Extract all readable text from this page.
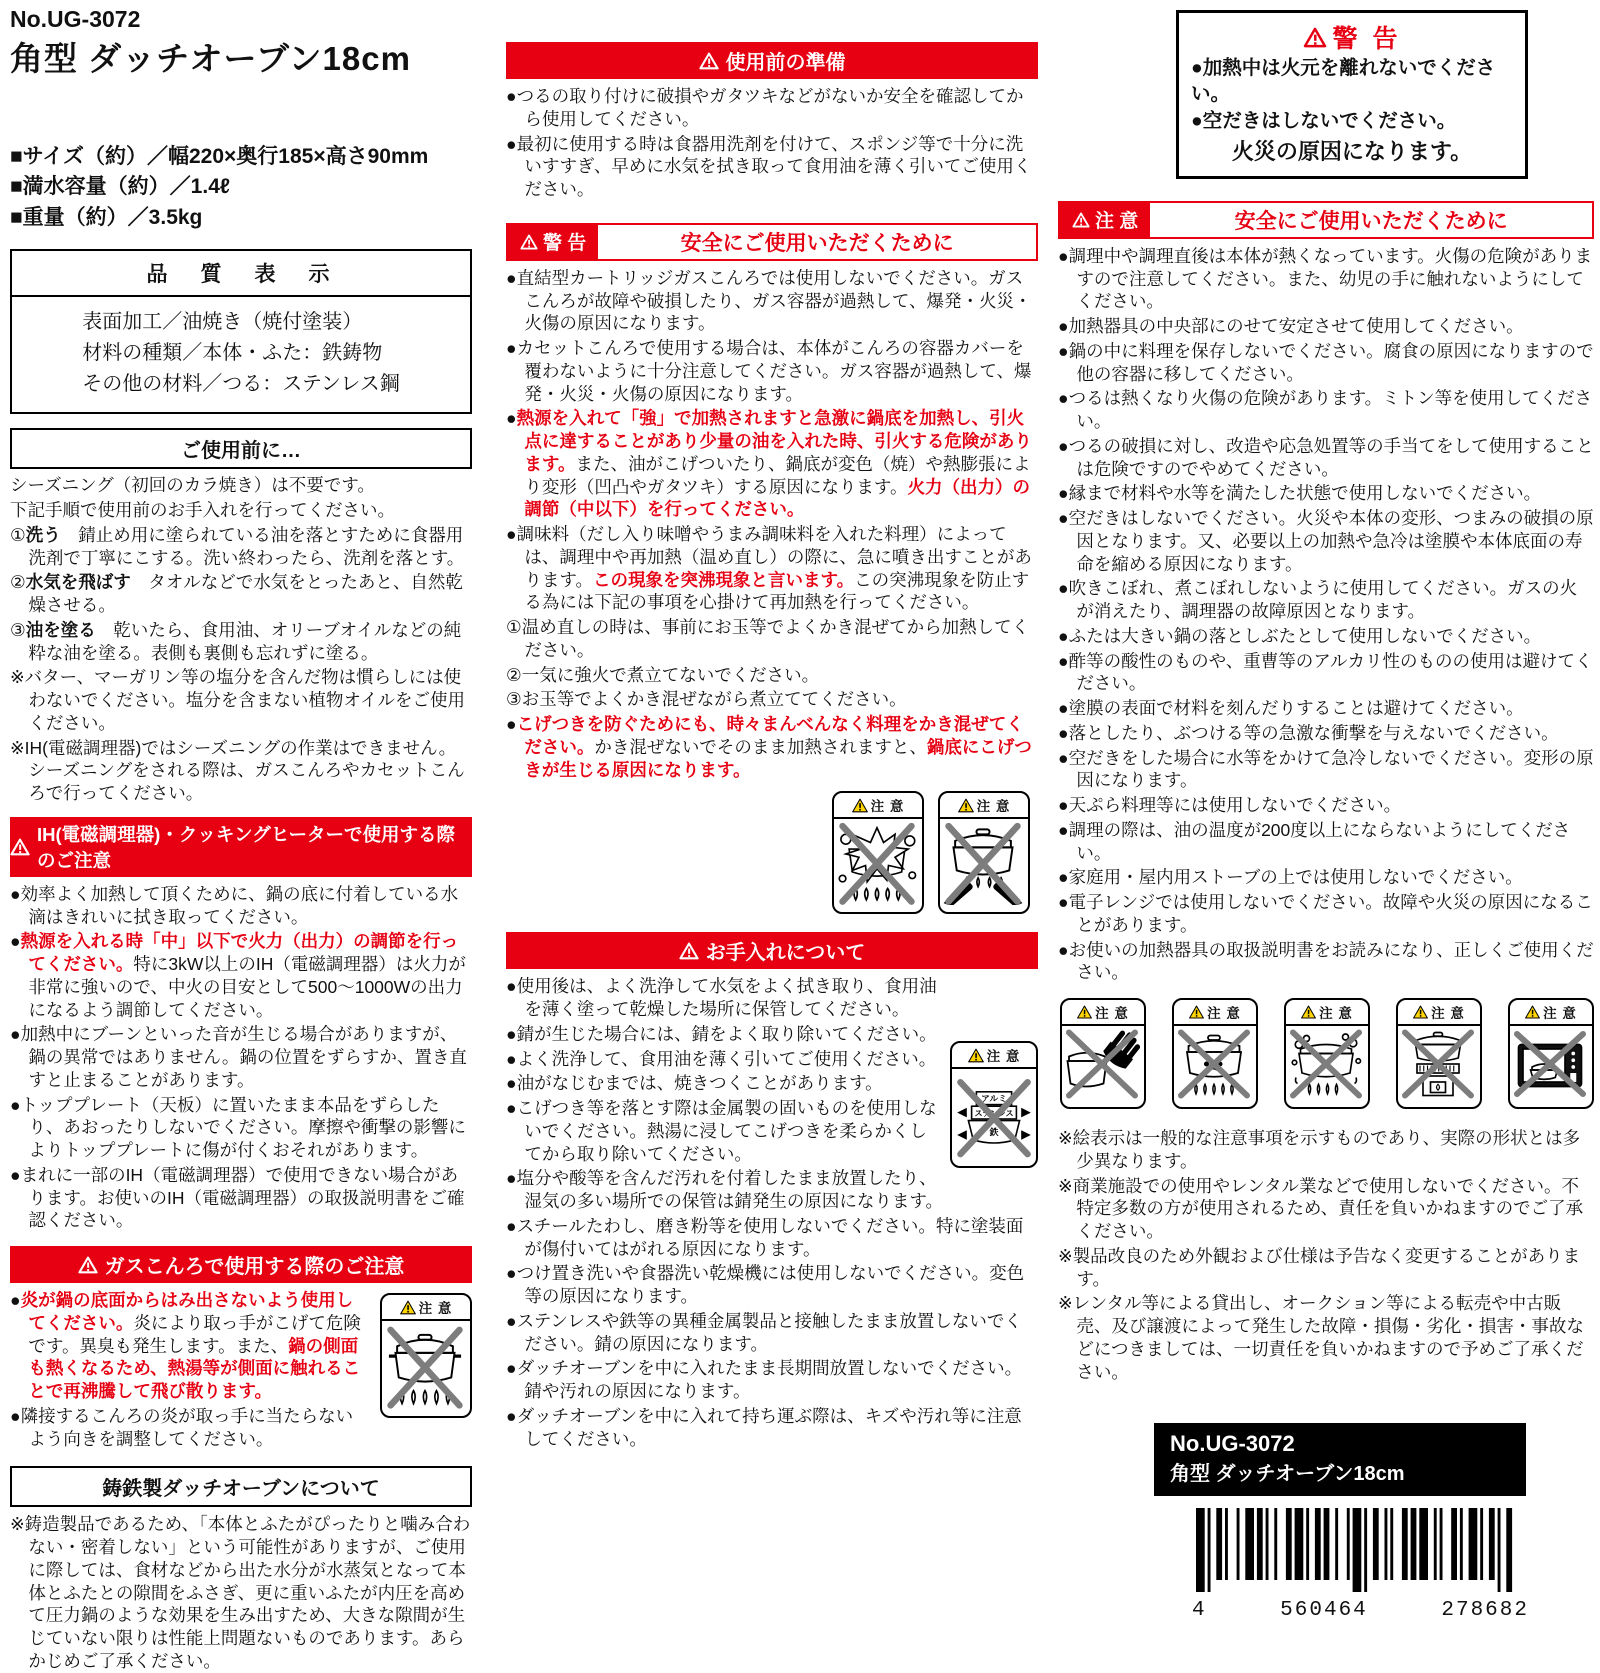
No.UG-3072
角型 ダッチオーブン18cm
■サイズ（約）／幅220×奥行185×高さ90mm
■満水容量（約）／1.4ℓ
■重量（約）／3.5kg
品　質　表　示
表面加工／油焼き（焼付塗装）
材料の種類／本体・ふた：鉄鋳物
その他の材料／つる：ステンレス鋼
ご使用前に…

シーズニング（初回のカラ焼き）は不要です。

下記手順で使用前のお手入れを行ってください。

①洗う　錆止め用に塗られている油を落とすために食器用洗剤で丁寧にこする。洗い終わったら、洗剤を落とす。

②水気を飛ばす　タオルなどで水気をとったあと、自然乾燥させる。

③油を塗る　乾いたら、食用油、オリーブオイルなどの純粋な油を塗る。表側も裏側も忘れずに塗る。

※バター、マーガリン等の塩分を含んだ物は慣らしには使わないでください。塩分を含まない植物オイルをご使用ください。

※IH(電磁調理器)ではシーズニングの作業はできません。シーズニングをされる際は、ガスこんろやカセットこんろで行ってください。

IH(電磁調理器)・クッキングヒーターで使用する際のご注意

●効率よく加熱して頂くために、鍋の底に付着している水滴はきれいに拭き取ってください。

●熱源を入れる時「中」以下で火力（出力）の調節を行ってください。特に3kW以上のIH（電磁調理器）は火力が非常に強いので、中火の目安として500～1000Wの出力になるよう調節してください。

●加熱中にブーンといった音が生じる場合がありますが、鍋の異常ではありません。鍋の位置をずらすか、置き直すと止まることがあります。

●トッププレート（天板）に置いたまま本品をずらしたり、あおったりしないでください。摩擦や衝撃の影響によりトッププレートに傷が付くおそれがあります。

●まれに一部のIH（電磁調理器）で使用できない場合があります。お使いのIH（電磁調理器）の取扱説明書をご確認ください。

ガスこんろで使用する際のご注意
注 意

●炎が鍋の底面からはみ出さないよう使用してください。炎により取っ手がこげて危険です。異臭も発生します。また、鍋の側面も熱くなるため、熱湯等が側面に触れることで再沸騰して飛び散ります。

●隣接するこんろの炎が取っ手に当たらないよう向きを調整してください。

鋳鉄製ダッチオーブンについて

※鋳造製品であるため、「本体とふたがぴったりと噛み合わない・密着しない」という可能性がありますが、ご使用に際しては、食材などから出た水分が水蒸気となって本体とふたとの隙間をふさぎ、更に重いふたが内圧を高めて圧力鍋のような効果を生み出すため、大きな隙間が生じていない限りは性能上問題ないものであります。あらかじめご了承ください。

使用前の準備

●つるの取り付けに破損やガタツキなどがないか安全を確認してから使用してください。

●最初に使用する時は食器用洗剤を付けて、スポンジ等で十分に洗いすすぎ、早めに水気を拭き取って食用油を薄く引いてご使用ください。

警 告	安全にご使用いただくために

●直結型カートリッジガスこんろでは使用しないでください。ガスこんろが故障や破損したり、ガス容器が過熱して、爆発・火災・火傷の原因になります。

●カセットこんろで使用する場合は、本体がこんろの容器カバーを覆わないように十分注意してください。ガス容器が過熱して、爆発・火災・火傷の原因になります。

●熱源を入れて「強」で加熱されますと急激に鍋底を加熱し、引火点に達することがあり少量の油を入れた時、引火する危険があります。また、油がこげついたり、鍋底が変色（焼）や熱膨張により変形（凹凸やガタツキ）する原因になります。火力（出力）の調節（中以下）を行ってください。

●調味料（だし入り味噌やうまみ調味料を入れた料理）によっては、調理中や再加熱（温め直し）の際に、急に噴き出すことがあります。この現象を突沸現象と言います。この突沸現象を防止する為には下記の事項を心掛けて再加熱を行ってください。

①温め直しの時は、事前にお玉等でよくかき混ぜてから加熱してください。

②一気に強火で煮立てないでください。

③お玉等でよくかき混ぜながら煮立ててください。

●こげつきを防ぐためにも、時々まんべんなく料理をかき混ぜてください。かき混ぜないでそのまま加熱されますと、鍋底にこげつきが生じる原因になります。

注 意	注 意
お手入れについて
注 意
アルミ
ステンレス
鉄

●使用後は、よく洗浄して水気をよく拭き取り、食用油を薄く塗って乾燥した場所に保管してください。

●錆が生じた場合には、錆をよく取り除いてください。

●よく洗浄して、食用油を薄く引いてご使用ください。

●油がなじむまでは、焼きつくことがあります。

●こげつき等を落とす際は金属製の固いものを使用しないでください。熱湯に浸してこげつきを柔らかくしてから取り除いてください。

●塩分や酸等を含んだ汚れを付着したまま放置したり、湿気の多い場所での保管は錆発生の原因になります。

●スチールたわし、磨き粉等を使用しないでください。特に塗装面が傷付いてはがれる原因になります。

●つけ置き洗いや食器洗い乾燥機には使用しないでください。変色等の原因になります。

●ステンレスや鉄等の異種金属製品と接触したまま放置しないでください。錆の原因になります。

●ダッチオーブンを中に入れたまま長期間放置しないでください。錆や汚れの原因になります。

●ダッチオーブンを中に入れて持ち運ぶ際は、キズや汚れ等に注意してください。

警 告

●加熱中は火元を離れないでください。

●空だきはしないでください。

火災の原因になります。
注 意	安全にご使用いただくために

●調理中や調理直後は本体が熱くなっています。火傷の危険がありますので注意してください。また、幼児の手に触れないようにしてください。

●加熱器具の中央部にのせて安定させて使用してください。

●鍋の中に料理を保存しないでください。腐食の原因になりますので他の容器に移してください。

●つるは熱くなり火傷の危険があります。ミトン等を使用してください。

●つるの破損に対し、改造や応急処置等の手当てをして使用することは危険ですのでやめてください。

●縁まで材料や水等を満たした状態で使用しないでください。

●空だきはしないでください。火災や本体の変形、つまみの破損の原因となります。又、必要以上の加熱や急冷は塗膜や本体底面の寿命を縮める原因になります。

●吹きこぼれ、煮こぼれしないように使用してください。ガスの火が消えたり、調理器の故障原因となります。

●ふたは大きい鍋の落としぶたとして使用しないでください。

●酢等の酸性のものや、重曹等のアルカリ性のものの使用は避けてください。

●塗膜の表面で材料を刻んだりすることは避けてください。

●落としたり、ぶつける等の急激な衝撃を与えないでください。

●空だきをした場合に水等をかけて急冷しないでください。変形の原因になります。

●天ぷら料理等には使用しないでください。

●調理の際は、油の温度が200度以上にならないようにしてください。

●家庭用・屋内用ストーブの上では使用しないでください。

●電子レンジでは使用しないでください。故障や火災の原因になることがあります。

●お使いの加熱器具の取扱説明書をお読みになり、正しくご使用ください。

注 意	注 意	注 意	注 意	注 意

※絵表示は一般的な注意事項を示すものであり、実際の形状とは多少異なります。

※商業施設での使用やレンタル業などで使用しないでください。不特定多数の方が使用されるため、責任を負いかねますのでご了承ください。

※製品改良のため外観および仕様は予告なく変更することがあります。

※レンタル等による貸出し、オークション等による転売や中古販売、及び譲渡によって発生した故障・損傷・劣化・損害・事故などにつきましては、一切責任を負いかねますので予めご了承ください。

No.UG-3072
角型 ダッチオーブン18cm
4	560464	278682
